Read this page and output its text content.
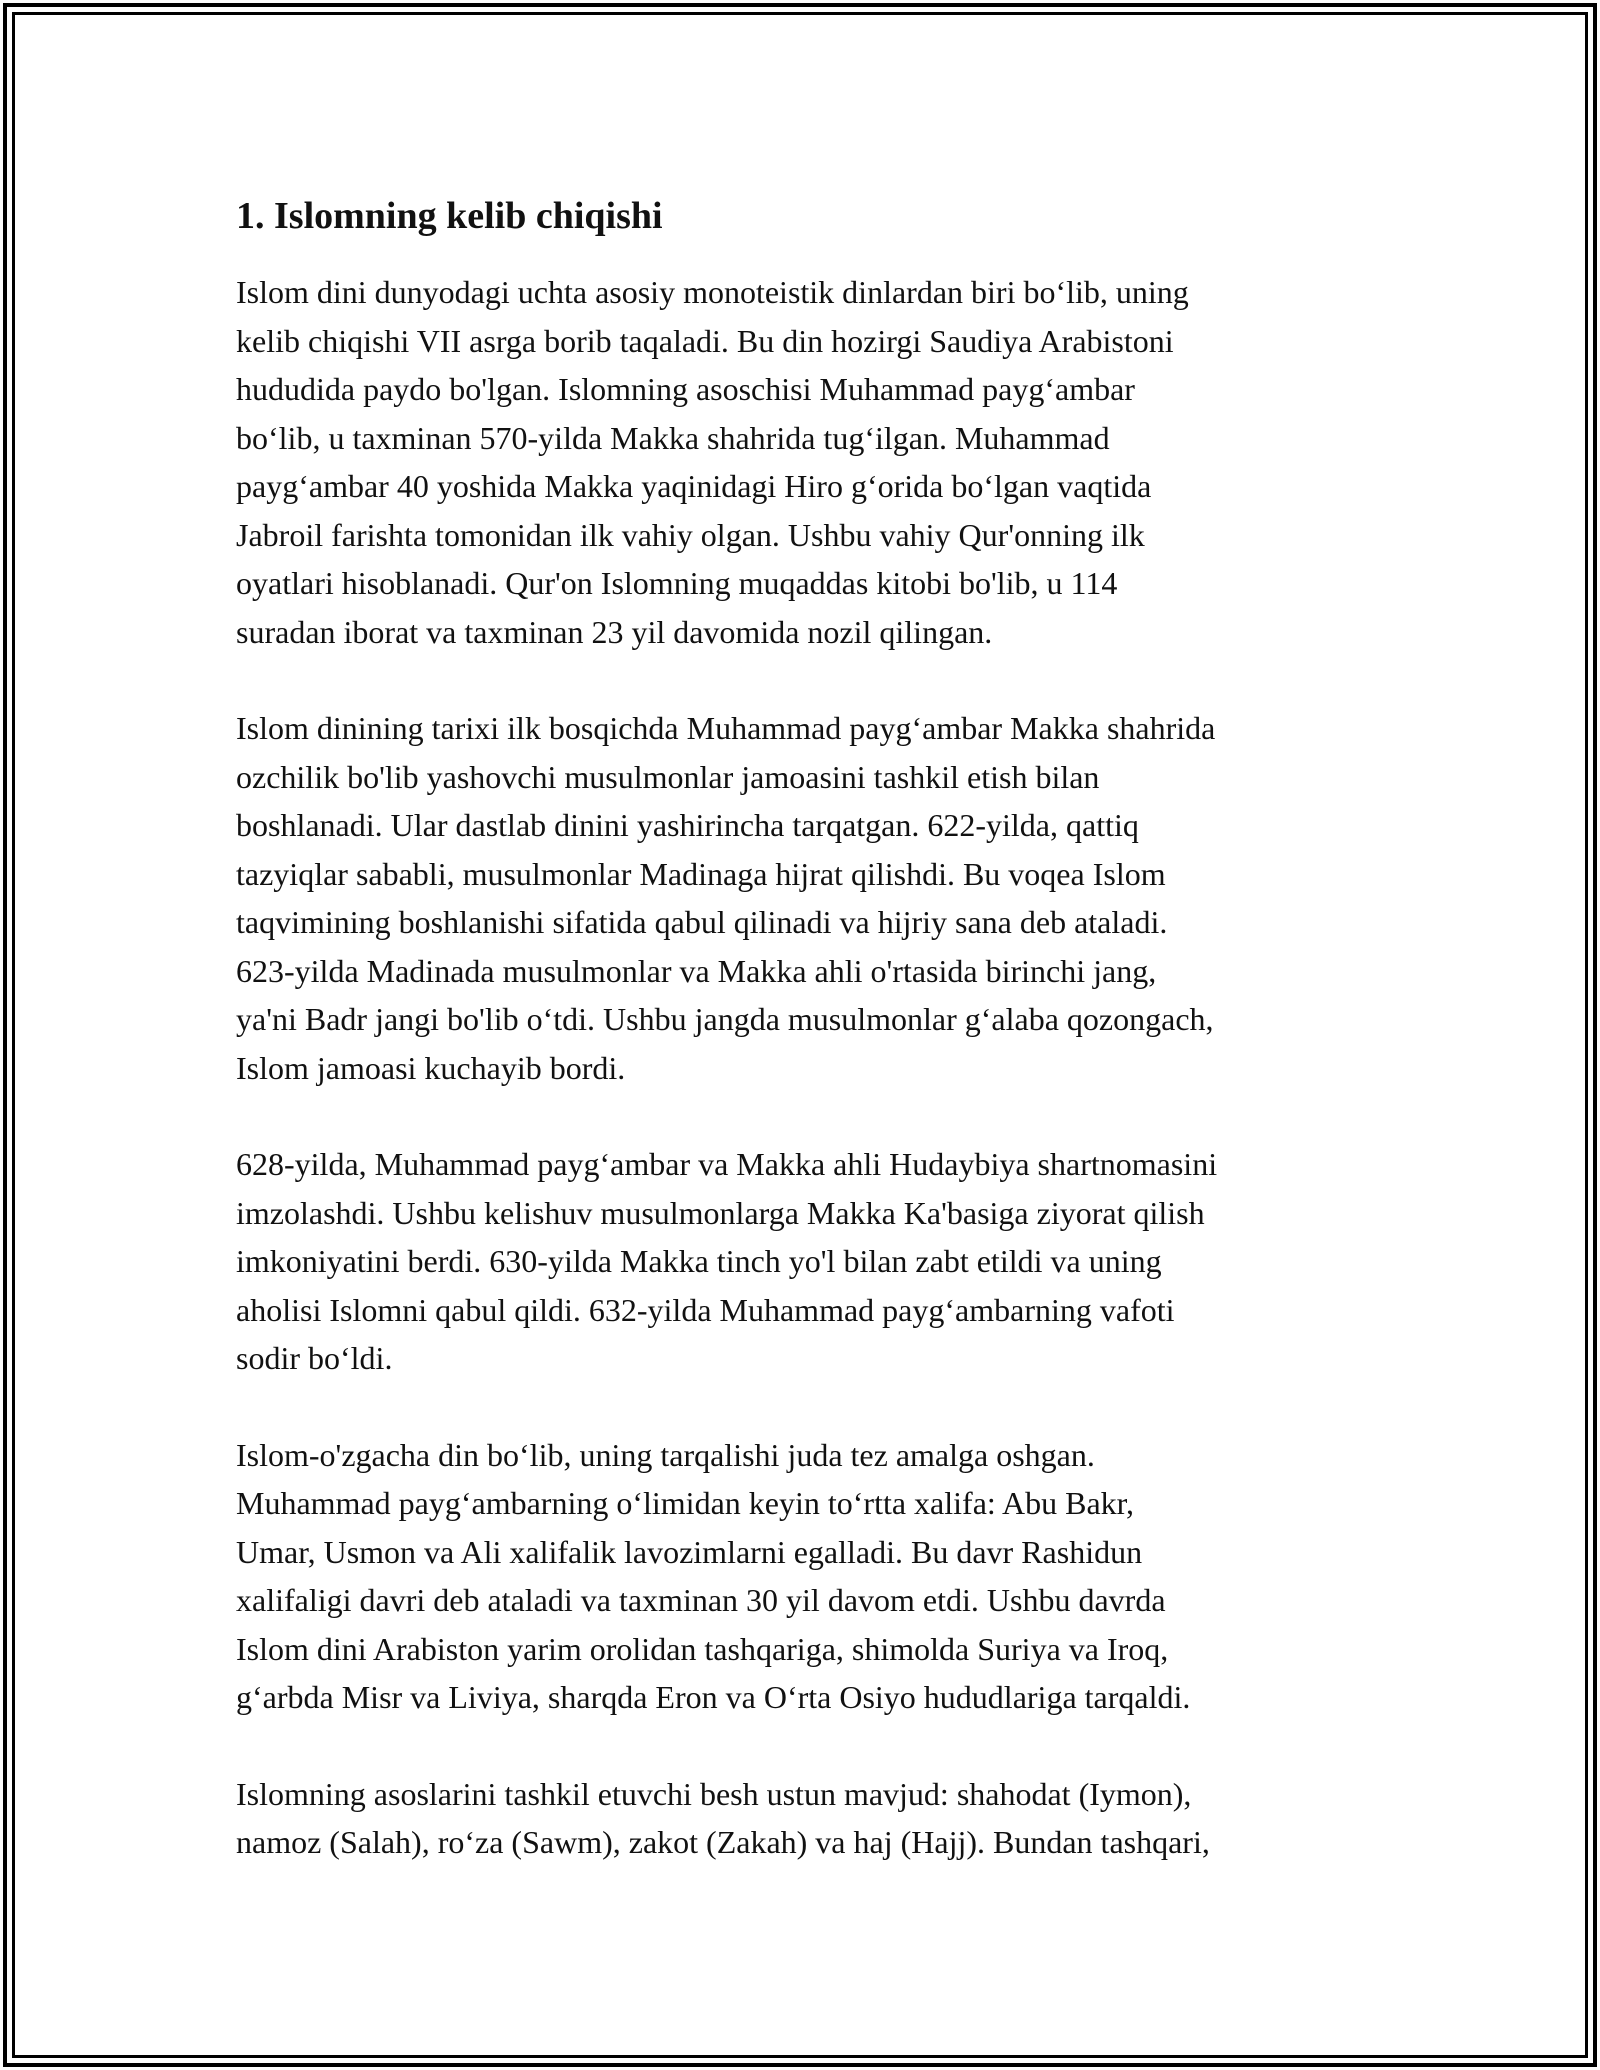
1. Islomning kelib chiqishi

Islom dini dunyodagi uchta asosiy monoteistik dinlardan biri bo‘lib, uning
kelib chiqishi VII asrga borib taqaladi. Bu din hozirgi Saudiya Arabistoni
hududida paydo bo'lgan. Islomning asoschisi Muhammad payg‘ambar
bo‘lib, u taxminan 570-yilda Makka shahrida tug‘ilgan. Muhammad
payg‘ambar 40 yoshida Makka yaqinidagi Hiro g‘orida bo‘lgan vaqtida
Jabroil farishta tomonidan ilk vahiy olgan. Ushbu vahiy Qur'onning ilk
oyatlari hisoblanadi. Qur'on Islomning muqaddas kitobi bo'lib, u 114
suradan iborat va taxminan 23 yil davomida nozil qilingan.

Islom dinining tarixi ilk bosqichda Muhammad payg‘ambar Makka shahrida
ozchilik bo'lib yashovchi musulmonlar jamoasini tashkil etish bilan
boshlanadi. Ular dastlab dinini yashirincha tarqatgan. 622-yilda, qattiq
tazyiqlar sababli, musulmonlar Madinaga hijrat qilishdi. Bu voqea Islom
taqvimining boshlanishi sifatida qabul qilinadi va hijriy sana deb ataladi.
623-yilda Madinada musulmonlar va Makka ahli o'rtasida birinchi jang,
ya'ni Badr jangi bo'lib o‘tdi. Ushbu jangda musulmonlar g‘alaba qozongach,
Islom jamoasi kuchayib bordi.

628-yilda, Muhammad payg‘ambar va Makka ahli Hudaybiya shartnomasini
imzolashdi. Ushbu kelishuv musulmonlarga Makka Ka'basiga ziyorat qilish
imkoniyatini berdi. 630-yilda Makka tinch yo'l bilan zabt etildi va uning
aholisi Islomni qabul qildi. 632-yilda Muhammad payg‘ambarning vafoti
sodir bo‘ldi.

Islom-o'zgacha din bo‘lib, uning tarqalishi juda tez amalga oshgan.
Muhammad payg‘ambarning o‘limidan keyin to‘rtta xalifa: Abu Bakr,
Umar, Usmon va Ali xalifalik lavozimlarni egalladi. Bu davr Rashidun
xalifaligi davri deb ataladi va taxminan 30 yil davom etdi. Ushbu davrda
Islom dini Arabiston yarim orolidan tashqariga, shimolda Suriya va Iroq,
g‘arbda Misr va Liviya, sharqda Eron va O‘rta Osiyo hududlariga tarqaldi.

Islomning asoslarini tashkil etuvchi besh ustun mavjud: shahodat (Iymon),
namoz (Salah), ro‘za (Sawm), zakot (Zakah) va haj (Hajj). Bundan tashqari,
